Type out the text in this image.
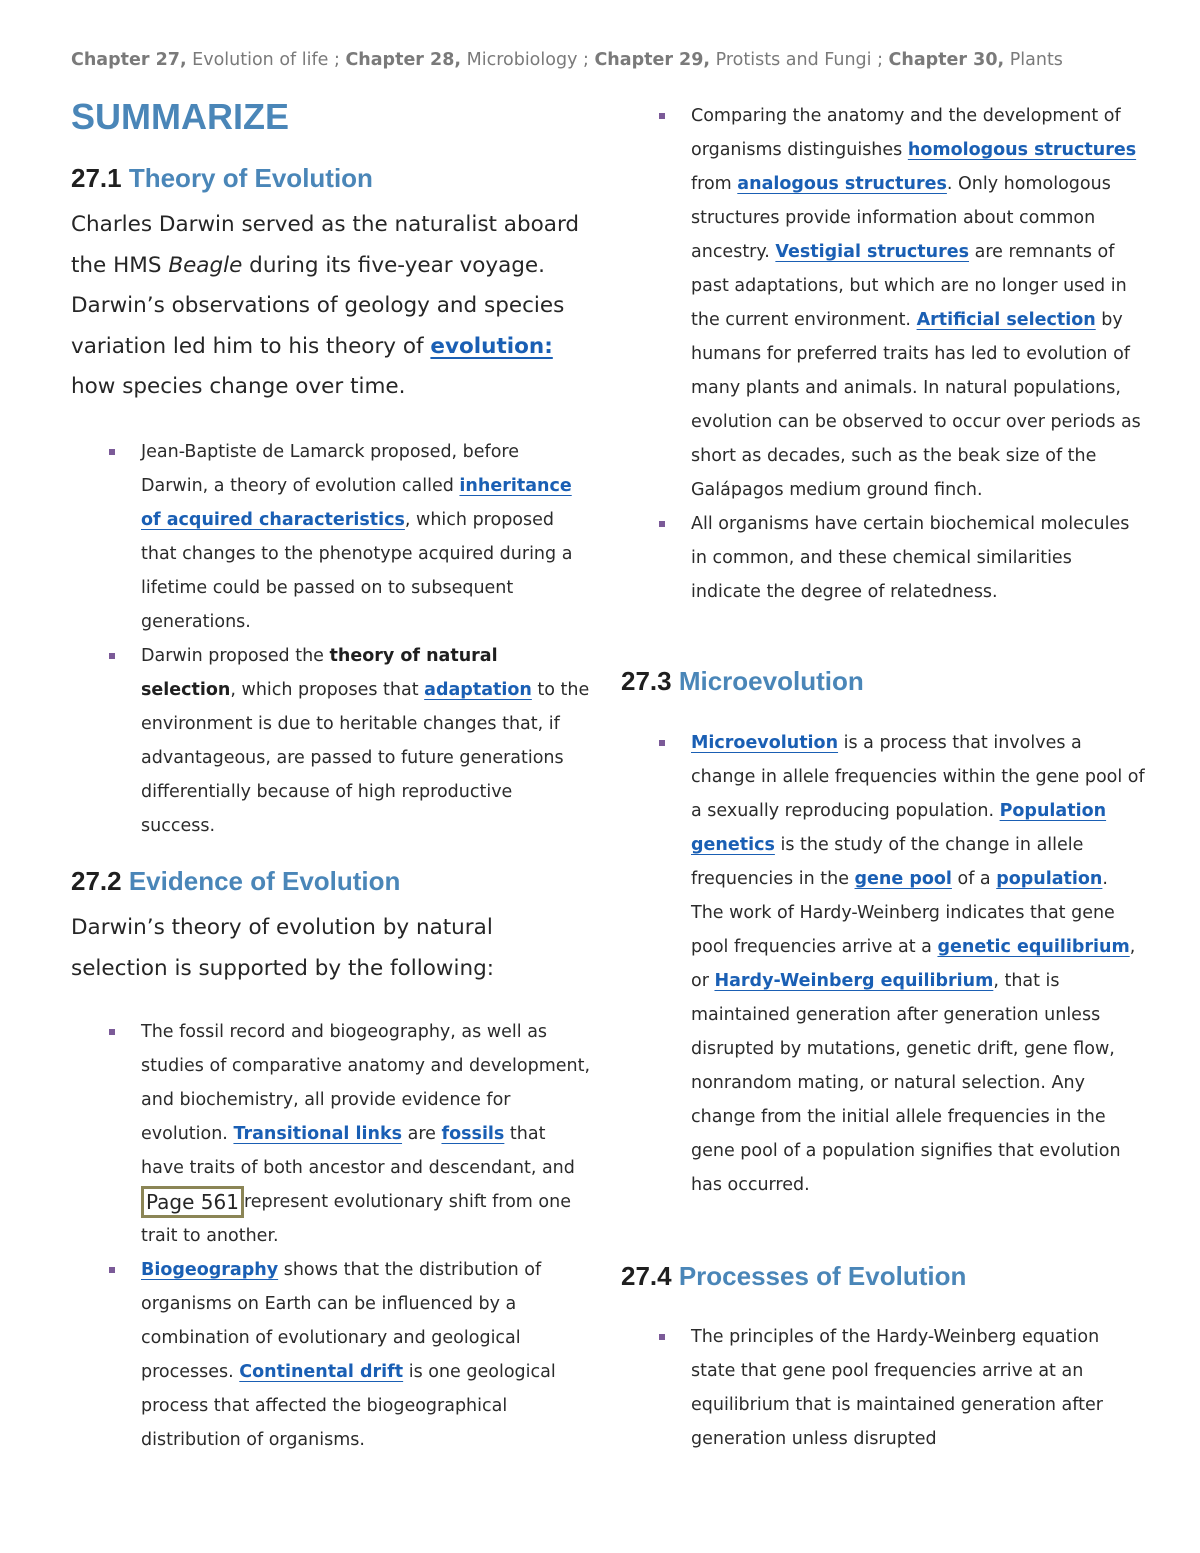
Chapter 27, Evolution of life ; Chapter 28, Microbiology ; Chapter 29, Protists and Fungi ; Chapter 30, Plants
SUMMARIZE
27.1 Theory of Evolution

Charles Darwin served as the naturalist aboard the HMS Beagle during its five-year voyage. Darwin’s observations of geology and species variation led him to his theory of evolution: how species change over time.

Jean-Baptiste de Lamarck proposed, before Darwin, a theory of evolution called inheritance of acquired characteristics, which proposed that changes to the phenotype acquired during a lifetime could be passed on to subsequent generations.
Darwin proposed the theory of natural selection, which proposes that adaptation to the environment is due to heritable changes that, if advantageous, are passed to future generations differentially because of high reproductive success.
27.2 Evidence of Evolution

Darwin’s theory of evolution by natural selection is supported by the following:

The fossil record and biogeography, as well as studies of comparative anatomy and development, and biochemistry, all provide evidence for evolution. Transitional links are fossils that have traits of both ancestor and descendant, and Page 561 represent evolutionary shift from one trait to another.
Biogeography shows that the distribution of organisms on Earth can be influenced by a combination of evolutionary and geological processes. Continental drift is one geological process that affected the biogeographical distribution of organisms.
Comparing the anatomy and the development of organisms distinguishes homologous structures from analogous structures. Only homologous structures provide information about common ancestry. Vestigial structures are remnants of past adaptations, but which are no longer used in the current environment. Artificial selection by humans for preferred traits has led to evolution of many plants and animals. In natural populations, evolution can be observed to occur over periods as short as decades, such as the beak size of the Galápagos medium ground finch.
All organisms have certain biochemical molecules in common, and these chemical similarities indicate the degree of relatedness.
27.3 Microevolution
Microevolution is a process that involves a change in allele frequencies within the gene pool of a sexually reproducing population. Population genetics is the study of the change in allele frequencies in the gene pool of a population. The work of Hardy-Weinberg indicates that gene pool frequencies arrive at a genetic equilibrium, or Hardy-Weinberg equilibrium, that is maintained generation after generation unless disrupted by mutations, genetic drift, gene flow, nonrandom mating, or natural selection. Any change from the initial allele frequencies in the gene pool of a population signifies that evolution has occurred.
27.4 Processes of Evolution
The principles of the Hardy-Weinberg equation state that gene pool frequencies arrive at an equilibrium that is maintained generation after generation unless disrupted
